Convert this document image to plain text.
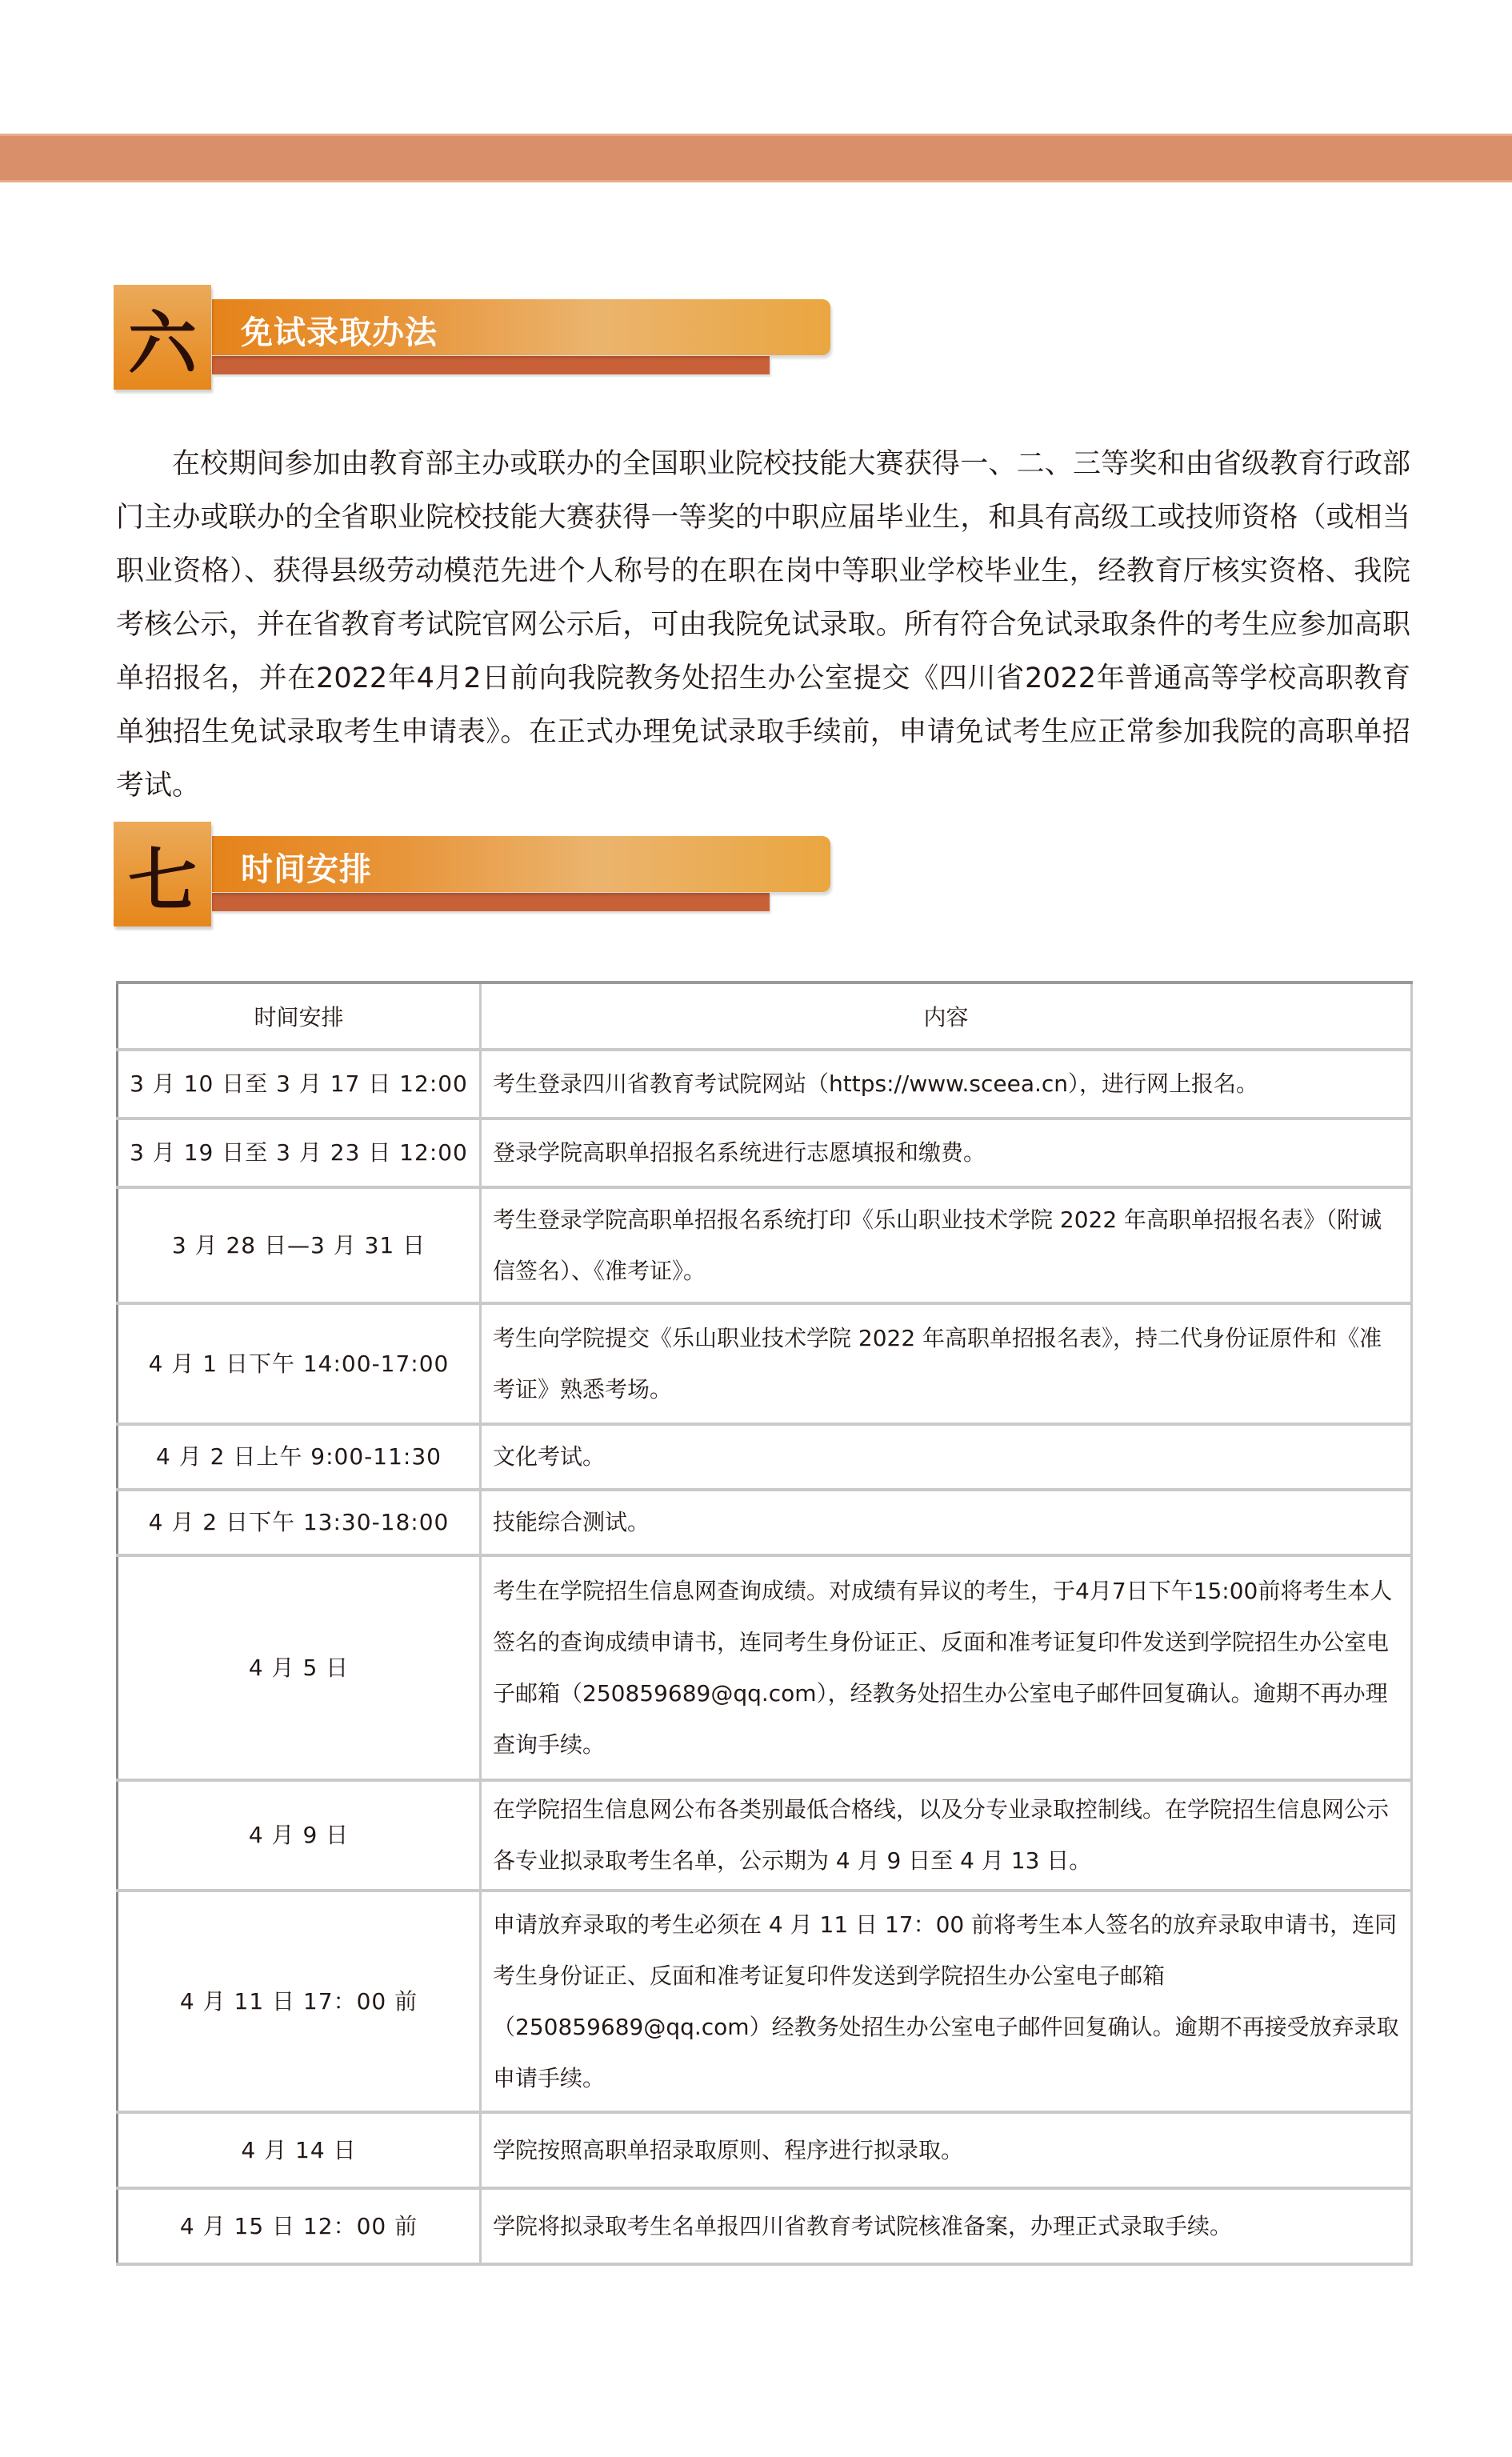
六	免试录取办法

在校期间参加由教育部主办或联办的全国职业院校技能大赛获得一、二、三等奖和由省级教育行政部门主办或联办的全省职业院校技能大赛获得一等奖的中职应届毕业生，和具有高级工或技师资格（或相当职业资格）、获得县级劳动模范先进个人称号的在职在岗中等职业学校毕业生，经教育厅核实资格、我院考核公示，并在省教育考试院官网公示后，可由我院免试录取。所有符合免试录取条件的考生应参加高职单招报名，并在2022年4月2日前向我院教务处招生办公室提交《四川省2022年普通高等学校高职教育单独招生免试录取考生申请表》。在正式办理免试录取手续前，申请免试考生应正常参加我院的高职单招考试。

七	时间安排
时间安排	内容
3 月 10 日至 3 月 17 日 12:00	考生登录四川省教育考试院网站（https://www.sceea.cn），进行网上报名。
3 月 19 日至 3 月 23 日 12:00	登录学院高职单招报名系统进行志愿填报和缴费。
3 月 28 日—3 月 31 日	考生登录学院高职单招报名系统打印《乐山职业技术学院 2022 年高职单招报名表》（附诚信签名）、《准考证》。
4 月 1 日下午 14:00-17:00	考生向学院提交《乐山职业技术学院 2022 年高职单招报名表》，持二代身份证原件和《准考证》熟悉考场。
4 月 2 日上午 9:00-11:30	文化考试。
4 月 2 日下午 13:30-18:00	技能综合测试。
4 月 5 日	考生在学院招生信息网查询成绩。对成绩有异议的考生，于4月7日下午15:00前将考生本人签名的查询成绩申请书，连同考生身份证正、反面和准考证复印件发送到学院招生办公室电子邮箱（250859689@qq.com），经教务处招生办公室电子邮件回复确认。逾期不再办理查询手续。
4 月 9 日	在学院招生信息网公布各类别最低合格线，以及分专业录取控制线。在学院招生信息网公示各专业拟录取考生名单，公示期为 4 月 9 日至 4 月 13 日。
4 月 11 日 17：00 前	申请放弃录取的考生必须在 4 月 11 日 17：00 前将考生本人签名的放弃录取申请书，连同考生身份证正、反面和准考证复印件发送到学院招生办公室电子邮箱（250859689@qq.com）经教务处招生办公室电子邮件回复确认。逾期不再接受放弃录取申请手续。
4 月 14 日	学院按照高职单招录取原则、程序进行拟录取。
4 月 15 日 12：00 前	学院将拟录取考生名单报四川省教育考试院核准备案，办理正式录取手续。
